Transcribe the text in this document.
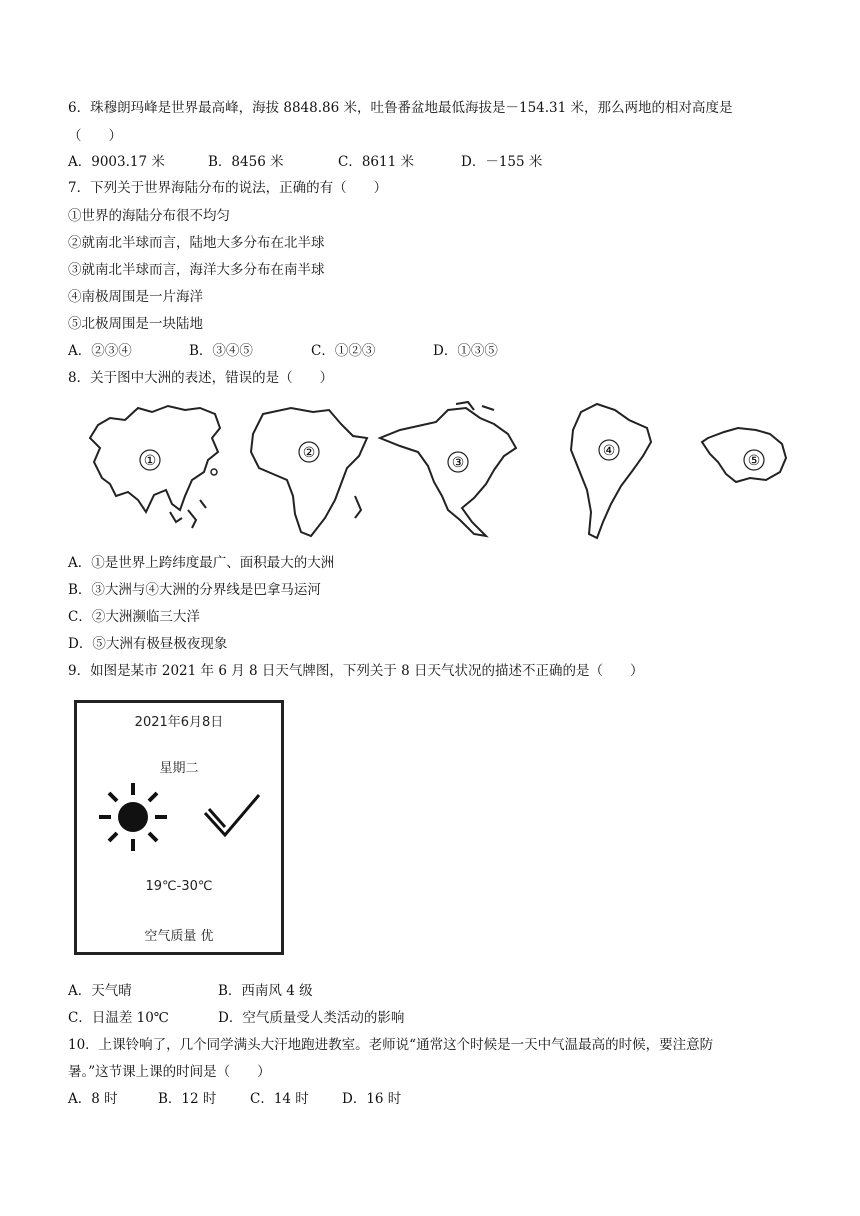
6．珠穆朗玛峰是世界最高峰，海拔 8848.86 米，吐鲁番盆地最低海拔是－154.31 米，那么两地的相对高度是
（　　）
A．9003.17 米	B．8456 米	C．8611 米	D．－155 米
7．下列关于世界海陆分布的说法，正确的有（　　）
①世界的海陆分布很不均匀
②就南北半球而言，陆地大多分布在北半球
③就南北半球而言，海洋大多分布在南半球
④南极周围是一片海洋
⑤北极周围是一块陆地
A．②③④	B．③④⑤	C．①②③	D．①③⑤
8．关于图中大洲的表述，错误的是（　　）
①	②
③
④
⑤
A．①是世界上跨纬度最广、面积最大的大洲
B．③大洲与④大洲的分界线是巴拿马运河
C．②大洲濒临三大洋
D．⑤大洲有极昼极夜现象
9．如图是某市 2021 年 6 月 8 日天气牌图，下列关于 8 日天气状况的描述不正确的是（　　）
2021年6月8日
星期二
19℃-30℃
空气质量 优
A．天气晴	B．西南风 4 级
C．日温差 10℃	D．空气质量受人类活动的影响
10．上课铃响了，几个同学满头大汗地跑进教室。老师说“通常这个时候是一天中气温最高的时候，要注意防
暑。”这节课上课的时间是（　　）
A．8 时	B．12 时 C．14 时 D．16 时
